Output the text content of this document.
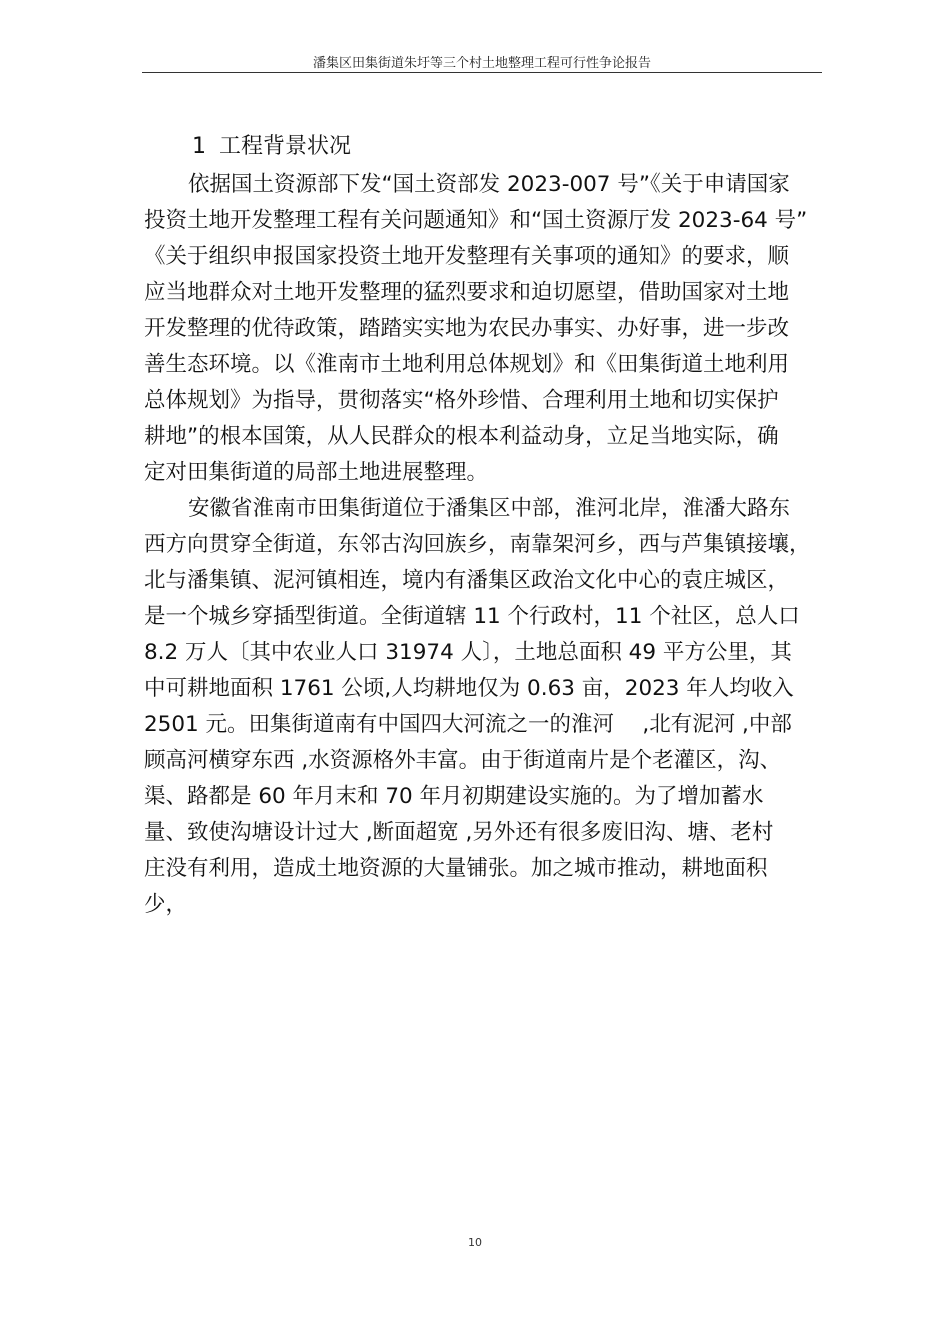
潘集区田集街道朱圩等三个村土地整理工程可行性争论报告
1 工程背景状况
依据国土资源部下发“国土资部发 2023-007 号”《关于申请国家
投资土地开发整理工程有关问题通知》和“国土资源厅发 2023-64 号”
《关于组织申报国家投资土地开发整理有关事项的通知》的要求，顺
应当地群众对土地开发整理的猛烈要求和迫切愿望，借助国家对土地
开发整理的优待政策，踏踏实实地为农民办事实、办好事，进一步改
善生态环境。以《淮南市土地利用总体规划》和《田集街道土地利用
总体规划》为指导，贯彻落实“格外珍惜、合理利用土地和切实保护
耕地”的根本国策，从人民群众的根本利益动身，立足当地实际，确
定对田集街道的局部土地进展整理。
安徽省淮南市田集街道位于潘集区中部，淮河北岸，淮潘大路东
西方向贯穿全街道，东邻古沟回族乡，南靠架河乡，西与芦集镇接壤，
北与潘集镇、泥河镇相连，境内有潘集区政治文化中心的袁庄城区，
是一个城乡穿插型街道。全街道辖 11 个行政村，11 个社区，总人口
8.2 万人〔其中农业人口 31974 人〕，土地总面积 49 平方公里，其
中可耕地面积 1761 公顷,人均耕地仅为 0.63 亩，2023 年人均收入
2501 元。田集街道南有中国四大河流之一的淮河　 ,北有泥河 ,中部
顾高河横穿东西 ,水资源格外丰富。由于街道南片是个老灌区，沟、
渠、路都是 60 年月末和 70 年月初期建设实施的。为了增加蓄水
量、致使沟塘设计过大 ,断面超宽 ,另外还有很多废旧沟、塘、老村
庄没有利用，造成土地资源的大量铺张。加之城市推动，耕地面积
少，
10
